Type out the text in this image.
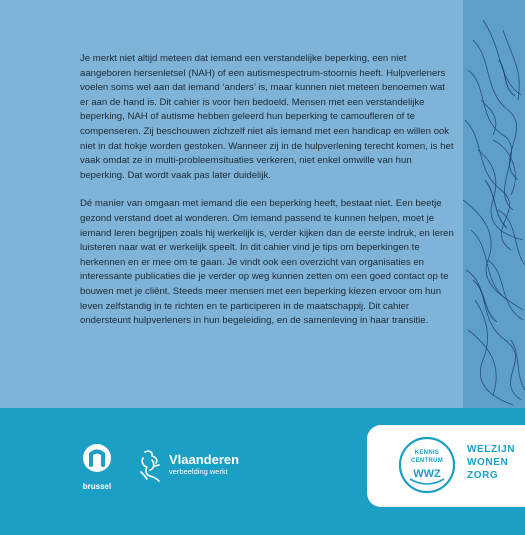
Je merkt niet altijd meteen dat iemand een verstandelijke beperking, een niet aangeboren hersenletsel (NAH) of een autismespectrum-stoornis heeft. Hulpverleners voelen soms wel aan dat iemand ‘anders’ is, maar kunnen niet meteen benoemen wat er aan de hand is. Dit cahier is voor hen bedoeld. Mensen met een verstandelijke beperking, NAH of autisme hebben geleerd hun beperking te camoufleren of te compenseren. Zij beschouwen zichzelf niet als iemand met een handicap en willen ook niet in dat hokje worden gestoken. Wanneer zij in de hulpverlening terecht komen, is het vaak omdat ze in multi-probleemsituaties verkeren, niet enkel omwille van hun beperking. Dat wordt vaak pas later duidelijk.

Dé manier van omgaan met iemand die een beperking heeft, bestaat niet. Een beetje gezond verstand doet al wonderen. Om iemand passend te kunnen helpen, moet je iemand leren begrijpen zoals hij werkelijk is, verder kijken dan de eerste indruk, en leren luisteren naar wat er werkelijk speelt. In dit cahier vind je tips om beperkingen te herkennen en er mee om te gaan. Je vindt ook een overzicht van organisaties en interessante publicaties die je verder op weg kunnen zetten om een goed contact op te bouwen met je cliënt. Steeds meer mensen met een beperking kiezen ervoor om hun leven zelfstandig in te richten en te participeren in de maatschappij. Dit cahier ondersteunt hulpverleners in hun begeleiding, en de samenleving in haar transitie.

brussel
Vlaanderen
verbeelding werkt
KENNIS
CENTRUM
WWZ
WELZIJN
WONEN
ZORG
